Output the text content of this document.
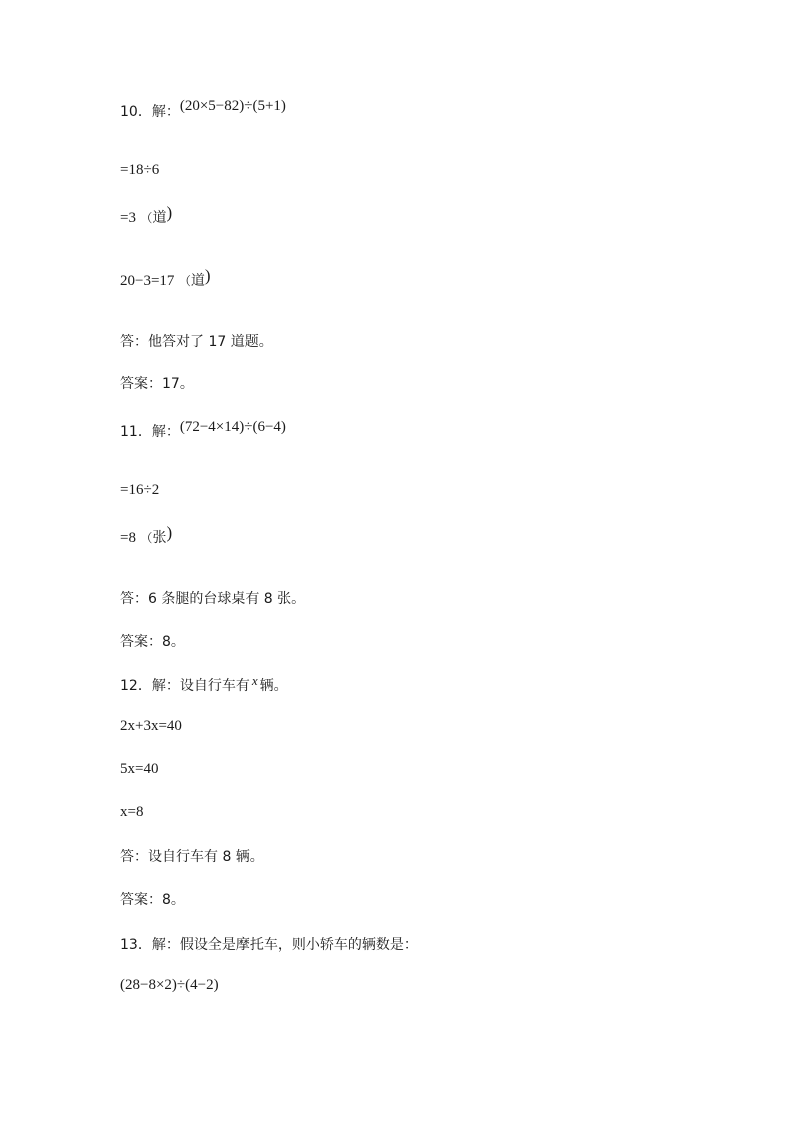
10．解：(20×5−82)÷(5+1)
=18÷6
=3 （道)
20−3=17 （道)
答：他答对了 17 道题。
答案：17。
11．解：(72−4×14)÷(6−4)
=16÷2
=8 （张)
答：6 条腿的台球桌有 8 张。
答案：8。
12．解：设自行车有 x 辆。
2x+3x=40
5x=40
x=8
答：设自行车有 8 辆。
答案：8。
13．解：假设全是摩托车，则小轿车的辆数是：
(28−8×2)÷(4−2)
